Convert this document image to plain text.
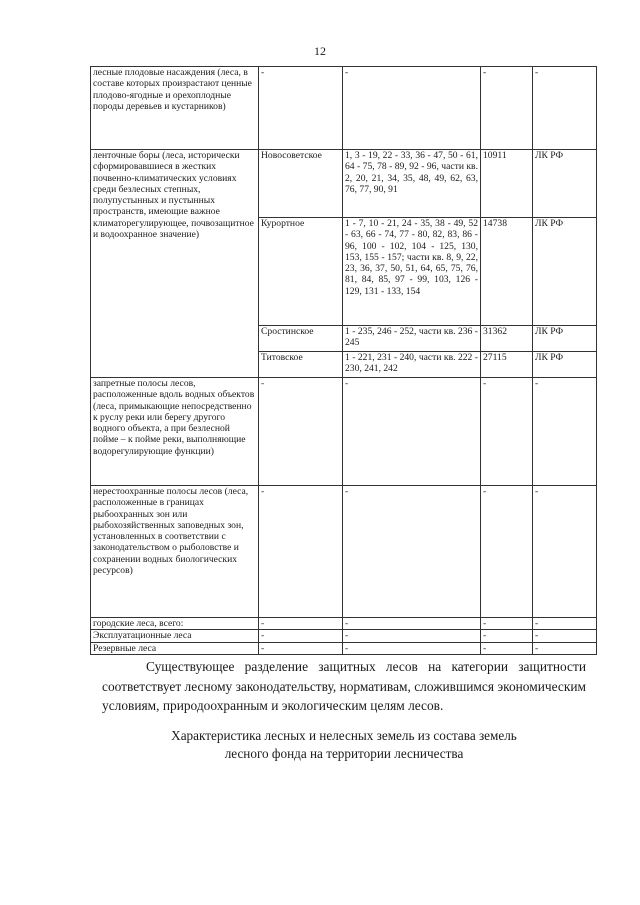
12
лесные плодовые насаждения (леса, в составе которых произрастают ценные плодово-ягодные и орехоплодные породы деревьев и кустарников)	-	-	-	-
ленточные боры (леса, исторически сформировавшиеся в жестких почвенно-климатических условиях среди безлесных степных, полупустынных и пустынных пространств, имеющие важное климаторегулирующее, почвозащитное и водоохранное значение)	Новосоветское	1, 3 - 19, 22 - 33, 36 - 47, 50 - 61, 64 - 75, 78 - 89, 92 - 96, части кв. 2, 20, 21, 34, 35, 48, 49, 62, 63, 76, 77, 90, 91	10911	ЛК РФ
	Курортное	1 - 7, 10 - 21, 24 - 35, 38 - 49, 52 - 63, 66 - 74, 77 - 80, 82, 83, 86 - 96, 100 - 102, 104 - 125, 130, 153, 155 - 157; части кв. 8, 9, 22, 23, 36, 37, 50, 51, 64, 65, 75, 76, 81, 84, 85, 97 - 99, 103, 126 - 129, 131 - 133, 154	14738	ЛК РФ
	Сростинское	1 - 235, 246 - 252, части кв. 236 - 245	31362	ЛК РФ
	Титовское	1 - 221, 231 - 240, части кв. 222 - 230, 241, 242	27115	ЛК РФ
запретные полосы лесов, расположенные вдоль водных объектов (леса, примыкающие непосредственно к руслу реки или берегу другого водного объекта, а при безлесной пойме – к пойме реки, выполняющие водорегулирующие функции)	-	-	-	-
нерестоохранные полосы лесов (леса, расположенные в границах рыбоохранных зон или рыбохозяйственных заповедных зон, установленных в соответствии с законодательством о рыболовстве и сохранении водных биологических ресурсов)	-	-	-	-
городские леса, всего:	-	-	-	-
Эксплуатационные леса	-	-	-	-
Резервные леса	-	-	-	-

Существующее разделение защитных лесов на категории защитности соответствует лесному законодательству, нормативам, сложившимся экономическим условиям, природоохранным и экологическим целям лесов.

Характеристика лесных и нелесных земель из состава земель
лесного фонда на территории лесничества
